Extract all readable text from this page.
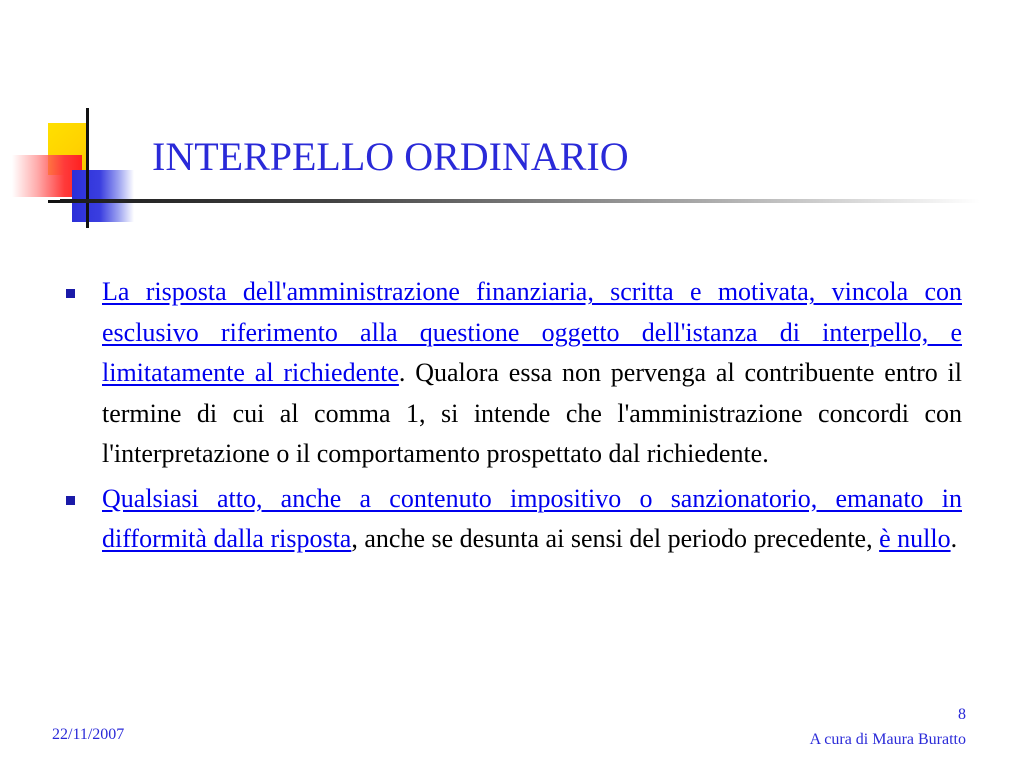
INTERPELLO ORDINARIO

La risposta dell'amministrazione finanziaria, scritta e motivata, vincola con esclusivo riferimento alla questione oggetto dell'istanza di interpello, e limitatamente al richiedente. Qualora essa non pervenga al contribuente entro il termine di cui al comma 1, si intende che l'amministrazione concordi con l'interpretazione o il comportamento prospettato dal richiedente.

Qualsiasi atto, anche a contenuto impositivo o sanzionatorio, emanato in difformità dalla risposta, anche se desunta ai sensi del periodo precedente, è nullo.

22/11/2007
8
A cura di Maura Buratto
